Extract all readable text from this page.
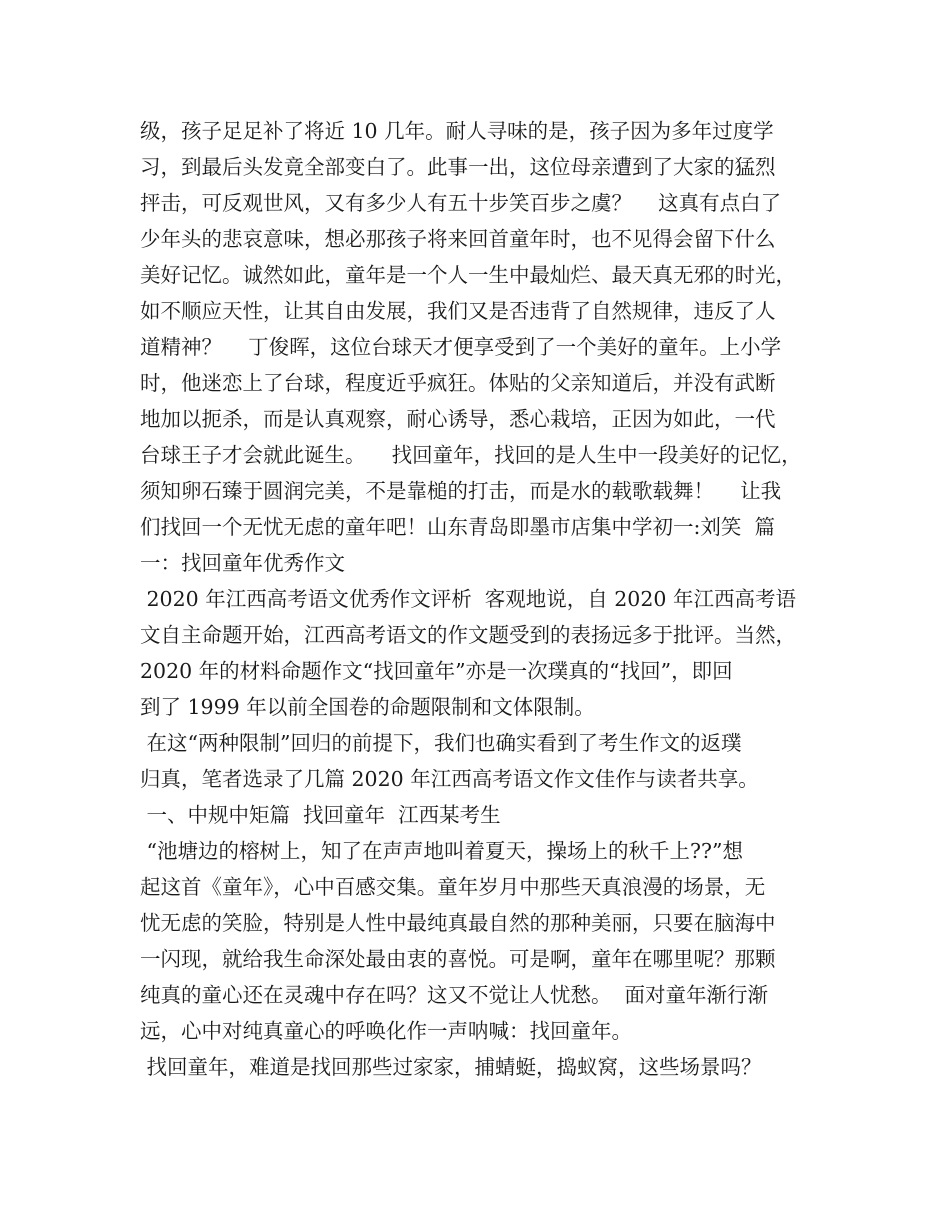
级，孩子足足补了将近 10 几年。耐人寻味的是，孩子因为多年过度学
习，到最后头发竟全部变白了。此事一出，这位母亲遭到了大家的猛烈
抨击，可反观世风，又有多少人有五十步笑百步之虞？    这真有点白了
少年头的悲哀意味，想必那孩子将来回首童年时，也不见得会留下什么
美好记忆。诚然如此，童年是一个人一生中最灿烂、最天真无邪的时光，
如不顺应天性，让其自由发展，我们又是否违背了自然规律，违反了人
道精神？    丁俊晖，这位台球天才便享受到了一个美好的童年。上小学
时，他迷恋上了台球，程度近乎疯狂。体贴的父亲知道后，并没有武断
地加以扼杀，而是认真观察，耐心诱导，悉心栽培，正因为如此，一代
台球王子才会就此诞生。    找回童年，找回的是人生中一段美好的记忆，
须知卵石臻于圆润完美，不是靠槌的打击，而是水的载歌载舞！    让我
们找回一个无忧无虑的童年吧！山东青岛即墨市店集中学初一:刘笑  篇
一：找回童年优秀作文
2020 年江西高考语文优秀作文评析  客观地说，自 2020 年江西高考语
文自主命题开始，江西高考语文的作文题受到的表扬远多于批评。当然，
2020 年的材料命题作文“找回童年”亦是一次璞真的“找回”，即回
到了 1999 年以前全国卷的命题限制和文体限制。
在这“两种限制”回归的前提下，我们也确实看到了考生作文的返璞
归真，笔者选录了几篇 2020 年江西高考语文作文佳作与读者共享。
一、中规中矩篇  找回童年  江西某考生
“池塘边的榕树上，知了在声声地叫着夏天，操场上的秋千上??”想
起这首《童年》，心中百感交集。童年岁月中那些天真浪漫的场景，无
忧无虑的笑脸，特别是人性中最纯真最自然的那种美丽，只要在脑海中
一闪现，就给我生命深处最由衷的喜悦。可是啊，童年在哪里呢？那颗
纯真的童心还在灵魂中存在吗？这又不觉让人忧愁。  面对童年渐行渐
远，心中对纯真童心的呼唤化作一声呐喊：找回童年。
找回童年，难道是找回那些过家家，捕蜻蜓，捣蚁窝，这些场景吗？
